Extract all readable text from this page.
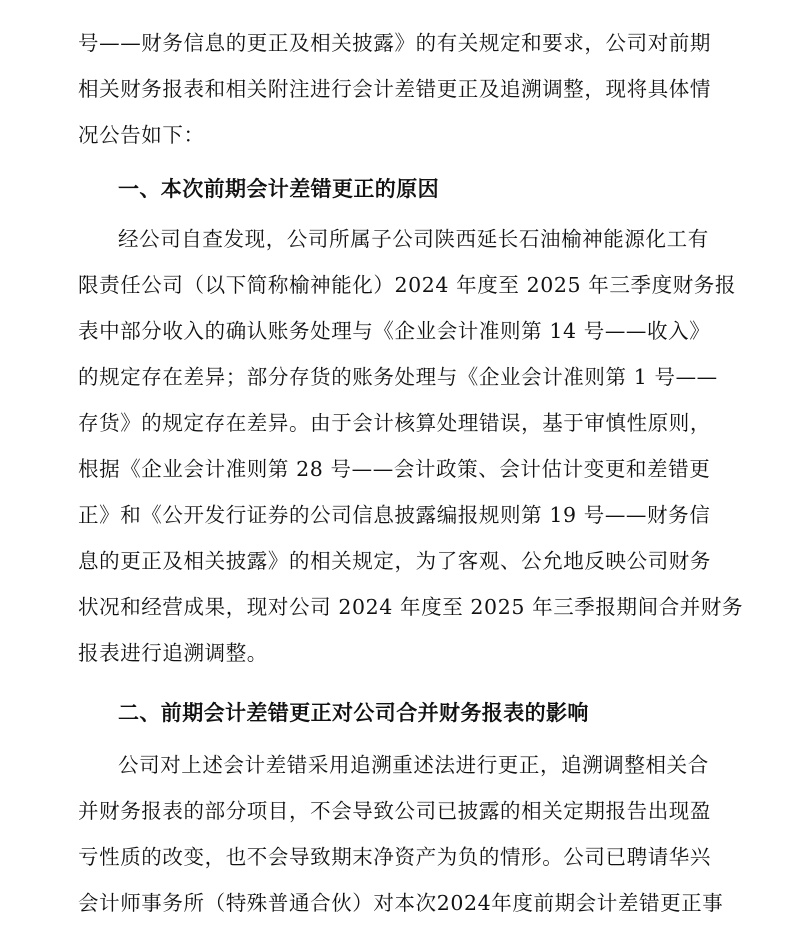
号——财务信息的更正及相关披露》的有关规定和要求，公司对前期
相关财务报表和相关附注进行会计差错更正及追溯调整，现将具体情
况公告如下：
一、本次前期会计差错更正的原因
经公司自查发现，公司所属子公司陕西延长石油榆神能源化工有
限责任公司（以下简称榆神能化）2024 年度至 2025 年三季度财务报
表中部分收入的确认账务处理与《企业会计准则第 14 号——收入》
的规定存在差异；部分存货的账务处理与《企业会计准则第 1 号——
存货》的规定存在差异。由于会计核算处理错误，基于审慎性原则，
根据《企业会计准则第 28 号——会计政策、会计估计变更和差错更
正》和《公开发行证券的公司信息披露编报规则第 19 号——财务信
息的更正及相关披露》的相关规定，为了客观、公允地反映公司财务
状况和经营成果，现对公司 2024 年度至 2025 年三季报期间合并财务
报表进行追溯调整。
二、前期会计差错更正对公司合并财务报表的影响
公司对上述会计差错采用追溯重述法进行更正，追溯调整相关合
并财务报表的部分项目，不会导致公司已披露的相关定期报告出现盈
亏性质的改变，也不会导致期末净资产为负的情形。公司已聘请华兴
会计师事务所（特殊普通合伙）对本次2024年度前期会计差错更正事
